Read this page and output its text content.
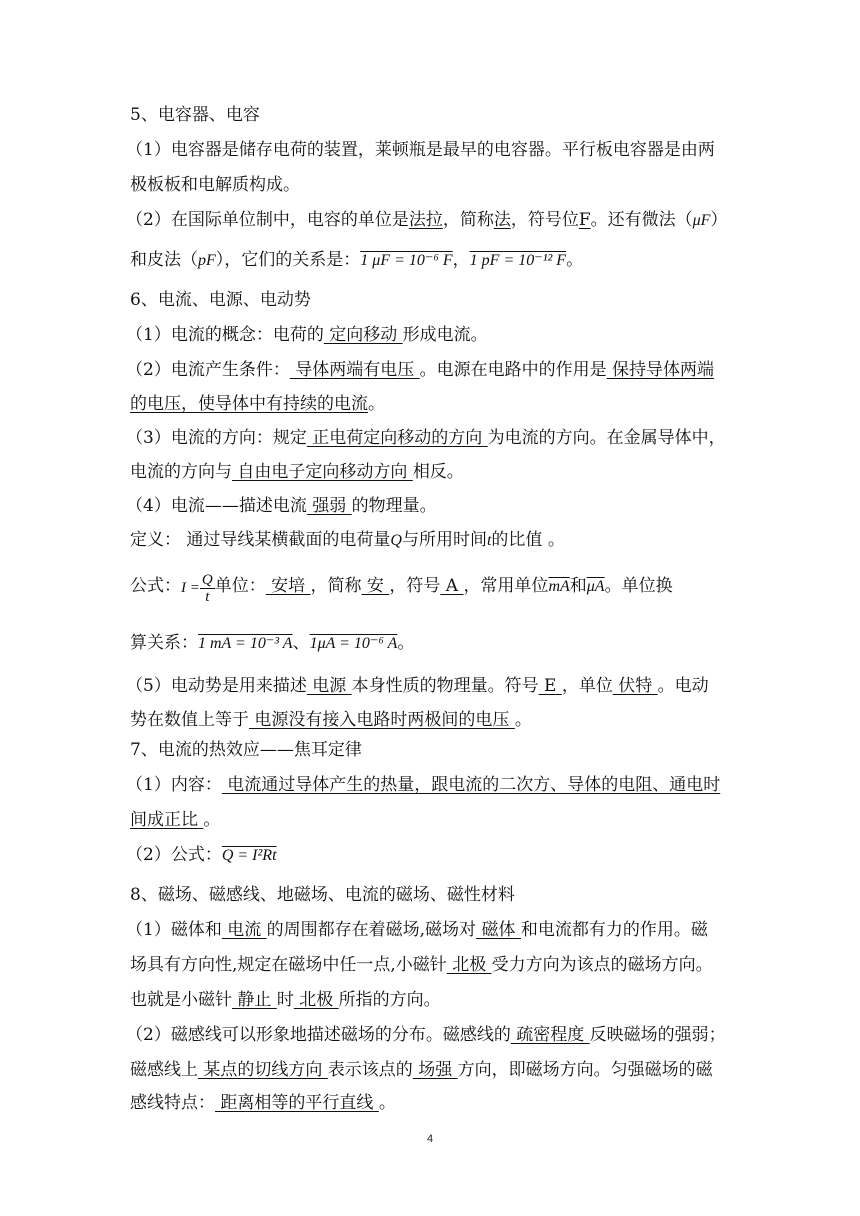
5、电容器、电容
（1）电容器是储存电荷的装置，莱顿瓶是最早的电容器。平行板电容器是由两
极板板和电解质构成。
（2）在国际单位制中，电容的单位是法拉，简称法，符号位F。还有微法（μF）
和皮法（pF），它们的关系是：1 μF = 10⁻⁶ F，1 pF = 10⁻¹² F。
6、电流、电源、电动势
（1）电流的概念：电荷的 定向移动 形成电流。
（2）电流产生条件： 导体两端有电压 。电源在电路中的作用是 保持导体两端
的电压，使导体中有持续的电流。
（3）电流的方向：规定 正电荷定向移动的方向 为电流的方向。在金属导体中，
电流的方向与 自由电子定向移动方向 相反。
（4）电流——描述电流 强弱 的物理量。
定义： 通过导线某横截面的电荷量Q与所用时间t的比值 。
公式：$I = \frac{Q}{t}$ 单位： 安培 ，简称 安 ，符号 A ，常用单位$\overline{mA}$和$\overline{\mu A}$。单位换
算关系：1 mA = 10⁻³ A、1μA = 10⁻⁶ A。
（5）电动势是用来描述 电源 本身性质的物理量。符号 E ，单位 伏特 。电动
势在数值上等于 电源没有接入电路时两极间的电压 。
7、电流的热效应——焦耳定律
（1）内容： 电流通过导体产生的热量，跟电流的二次方、导体的电阻、通电时
间成正比 。
（2）公式：Q = I²Rt
8、磁场、磁感线、地磁场、电流的磁场、磁性材料
（1）磁体和 电流 的周围都存在着磁场,磁场对 磁体 和电流都有力的作用。磁
场具有方向性,规定在磁场中任一点,小磁针 北极 受力方向为该点的磁场方向。
也就是小磁针 静止 时 北极 所指的方向。
（2）磁感线可以形象地描述磁场的分布。磁感线的 疏密程度 反映磁场的强弱；
磁感线上 某点的切线方向 表示该点的 场强 方向，即磁场方向。匀强磁场的磁
感线特点： 距离相等的平行直线 。
4
